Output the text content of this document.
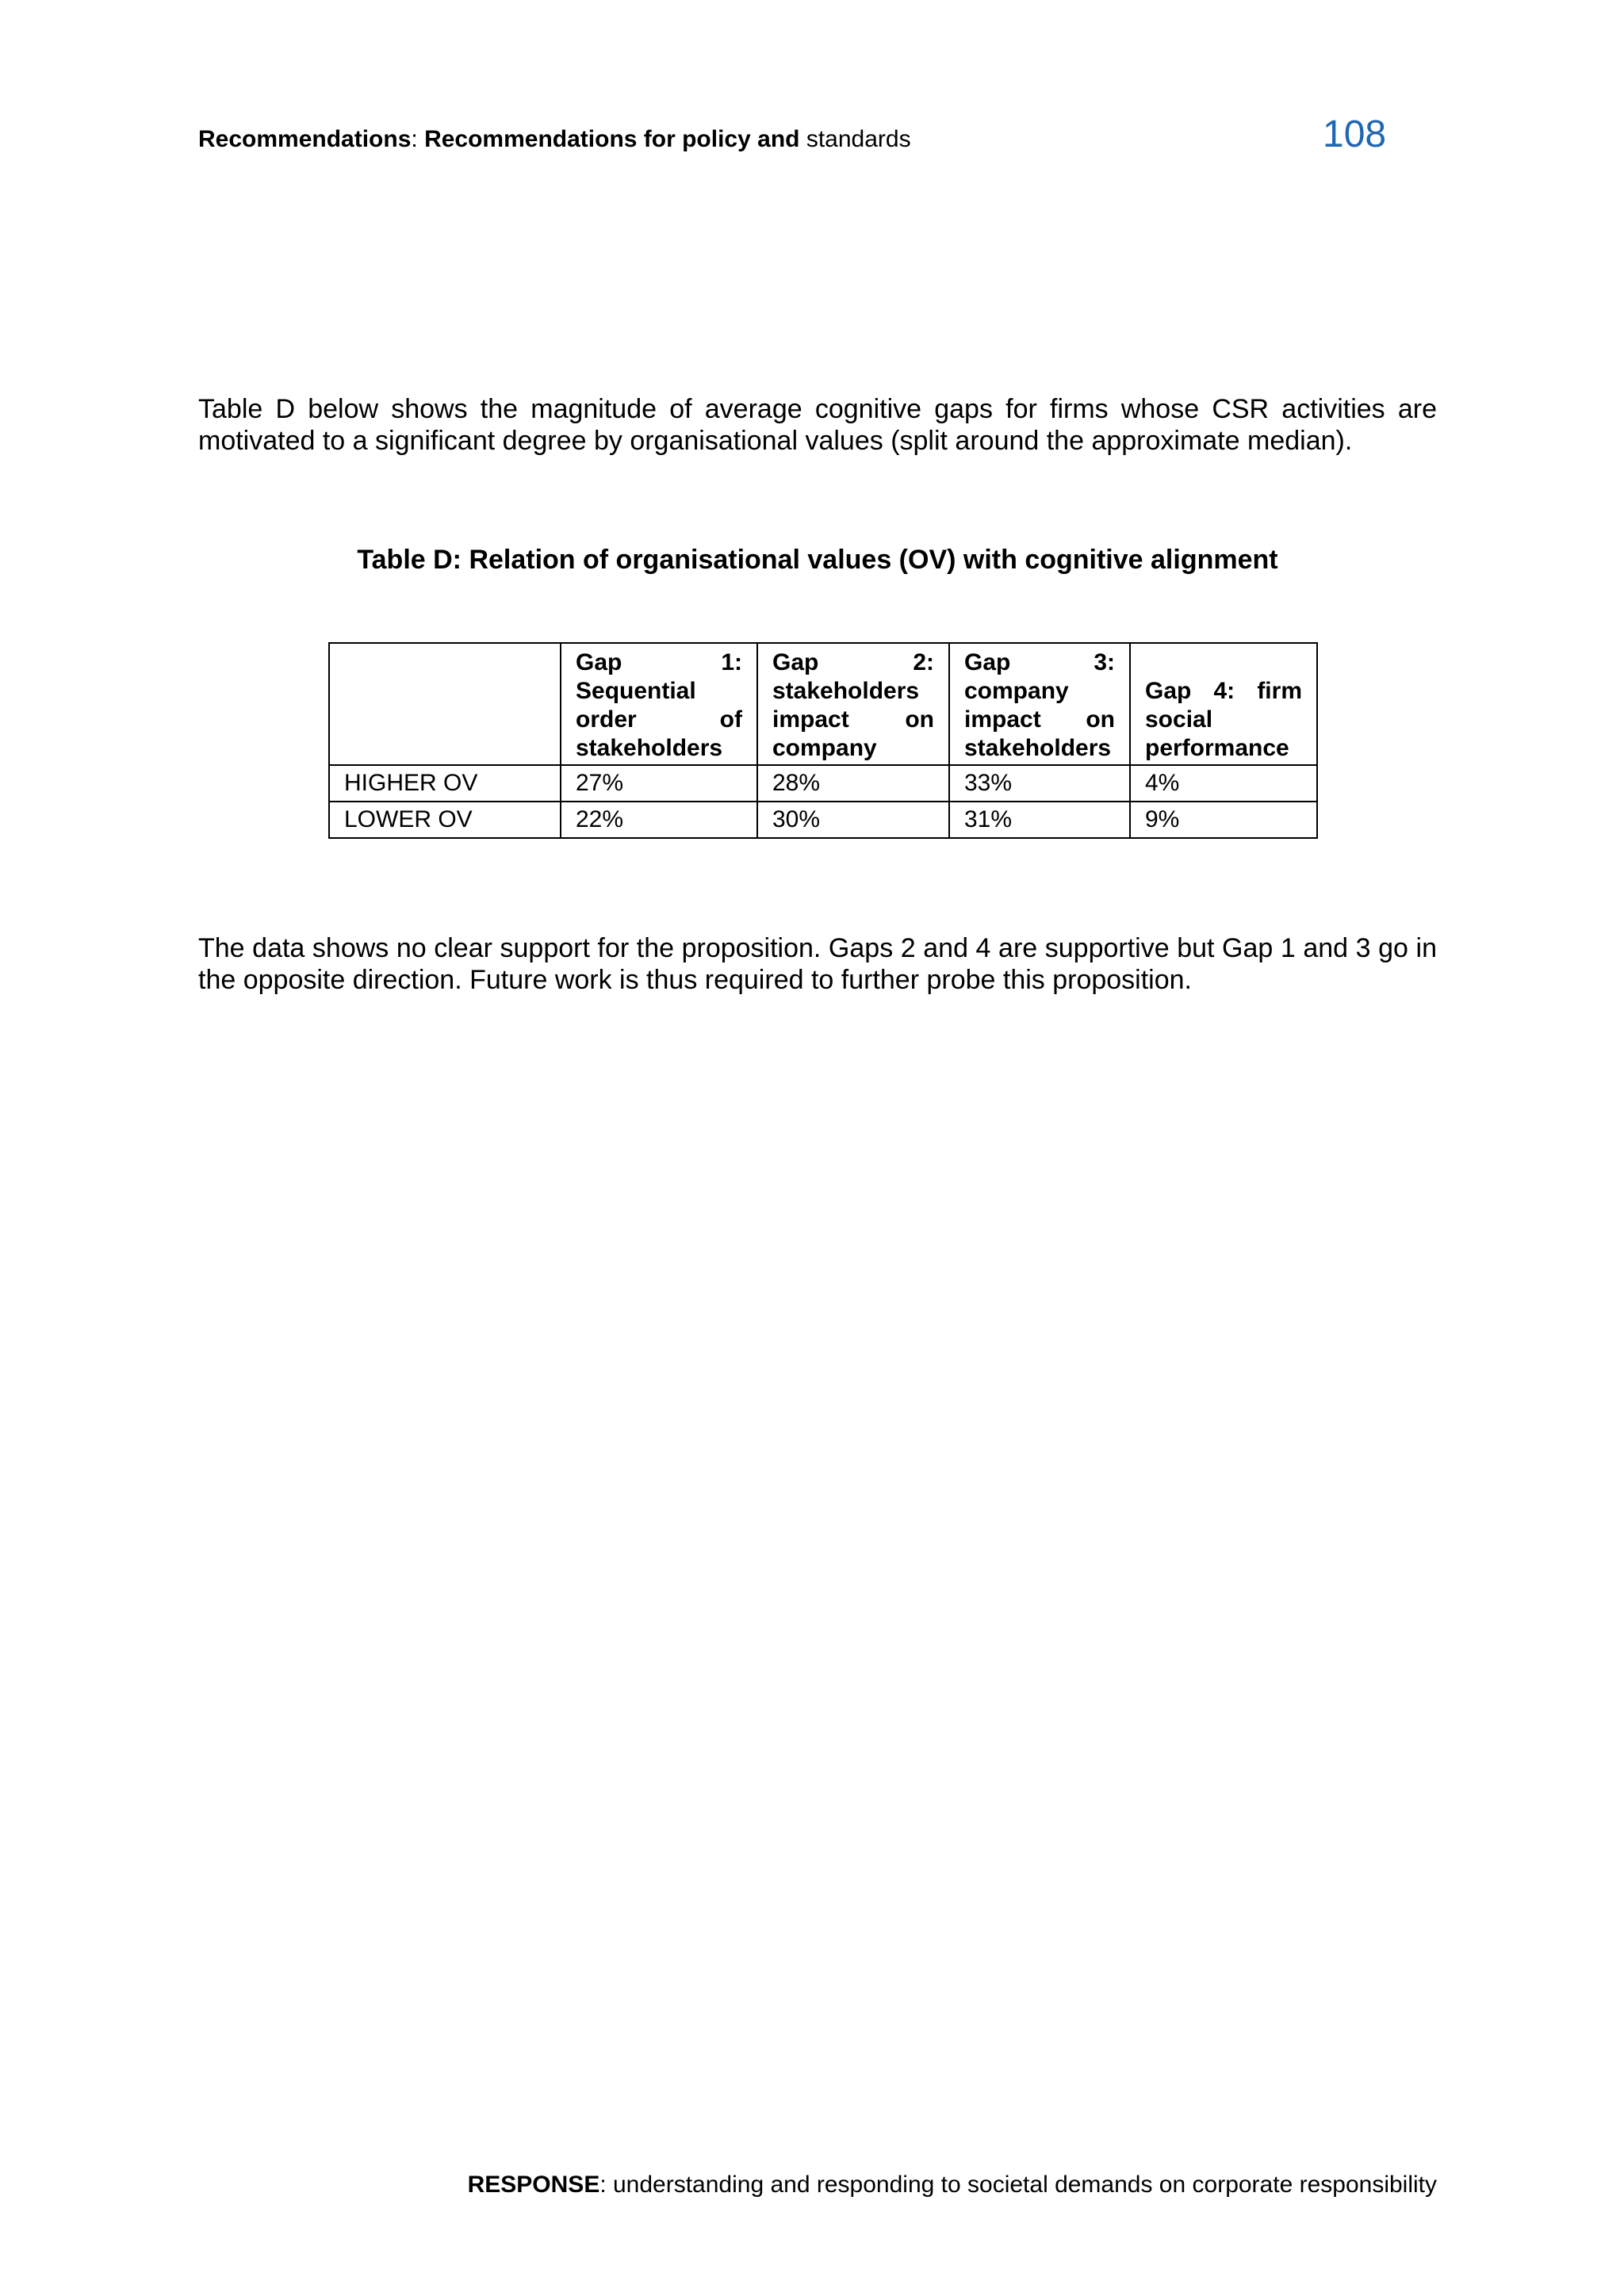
Recommendations: Recommendations for policy and standards	108

Table D below shows the magnitude of average cognitive gaps for firms whose CSR activities are motivated to a significant degree by organisational values (split around the approximate median).

Table D: Relation of organisational values (OV) with cognitive alignment
	Gap 1: Sequential order of stakeholders	Gap 2: stakeholders impact on company	Gap 3: company impact on stakeholders	Gap 4: firm social performance
HIGHER OV	27%	28%	33%	4%
LOWER OV	22%	30%	31%	9%

The data shows no clear support for the proposition. Gaps 2 and 4 are supportive but Gap 1 and 3 go in the opposite direction. Future work is thus required to further probe this proposition.

RESPONSE: understanding and responding to societal demands on corporate responsibility
